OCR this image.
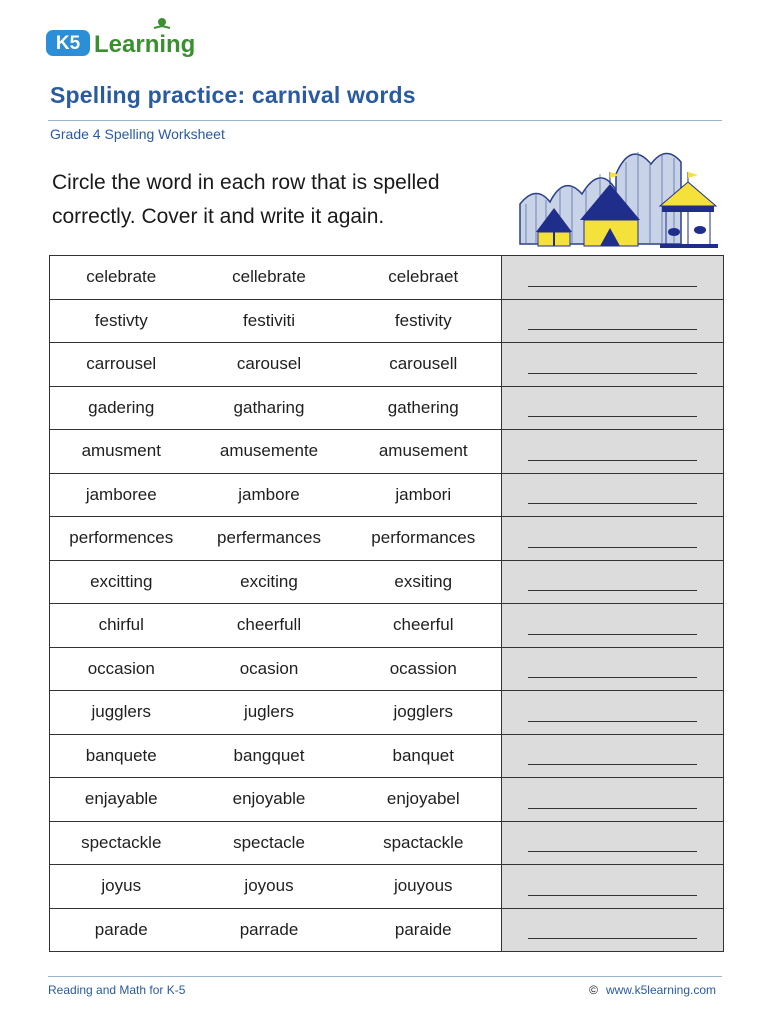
K5 Learning
Spelling practice: carnival words
Grade 4 Spelling Worksheet
Circle the word in each row that is spelled
correctly. Cover it and write it again.
celebrate	cellebrate	celebraet	

festivty	festiviti	festivity	

carrousel	carousel	carousell	

gadering	gatharing	gathering	

amusment	amusemente	amusement	

jamboree	jambore	jambori	

performences	perfermances	performances	

excitting	exciting	exsiting	

chirful	cheerfull	cheerful	

occasion	ocasion	ocassion	

jugglers	juglers	jogglers	

banquete	bangquet	banquet	

enjayable	enjoyable	enjoyabel	

spectackle	spectacle	spactackle	

joyus	joyous	jouyous	

parade	parrade	paraide	
Reading and Math for K-5	© www.k5learning.com
